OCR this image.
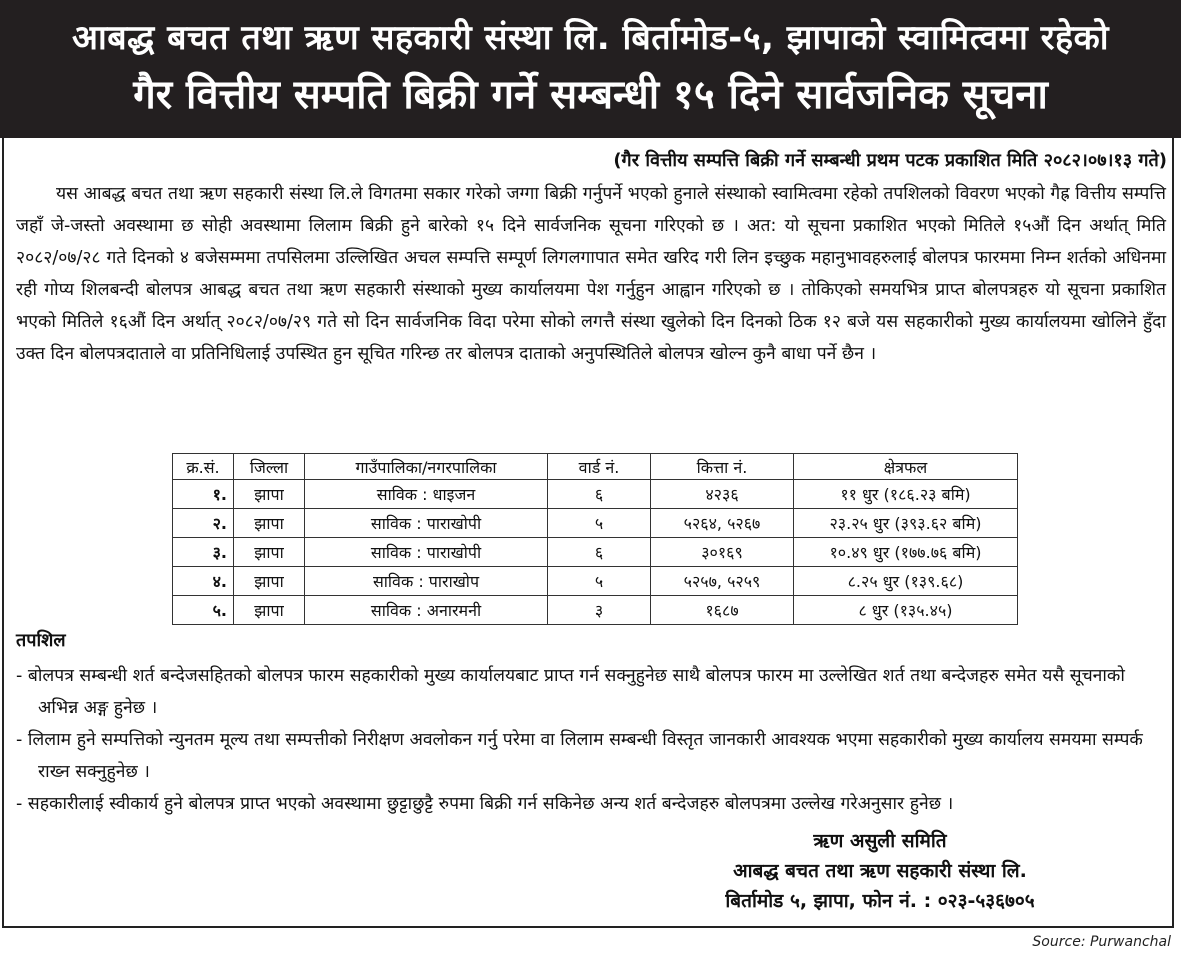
आबद्ध बचत तथा ऋण सहकारी संस्था लि. बिर्तामोड-५, झापाको स्वामित्वमा रहेको
गैर वित्तीय सम्पति बिक्री गर्ने सम्बन्धी १५ दिने सार्वजनिक सूचना
(गैर वित्तीय सम्पत्ति बिक्री गर्ने सम्बन्धी प्रथम पटक प्रकाशित मिति २०८२।०७।१३ गते)
यस आबद्ध बचत तथा ऋण सहकारी संस्था लि.ले विगतमा सकार गरेको जग्गा बिक्री गर्नुपर्ने भएको हुनाले संस्थाको स्वामित्वमा रहेको तपशिलको विवरण भएको गैह्र वित्तीय सम्पत्ति जहाँ जे-जस्तो अवस्थामा छ सोही अवस्थामा लिलाम बिक्री हुने बारेको १५ दिने सार्वजनिक सूचना गरिएको छ । अत: यो सूचना प्रकाशित भएको मितिले १५औं दिन अर्थात् मिति २०८२/०७/२८ गते दिनको ४ बजेसम्ममा तपसिलमा उल्लिखित अचल सम्पत्ति सम्पूर्ण लिगलगापात समेत खरिद गरी लिन इच्छुक महानुभावहरुलाई बोलपत्र फारममा निम्न शर्तको अधिनमा रही गोप्य शिलबन्दी बोलपत्र आबद्ध बचत तथा ऋण सहकारी संस्थाको मुख्य कार्यालयमा पेश गर्नुहुन आह्वान गरिएको छ । तोकिएको समयभित्र प्राप्त बोलपत्रहरु यो सूचना प्रकाशित भएको मितिले १६औं दिन अर्थात् २०८२/०७/२९ गते सो दिन सार्वजनिक विदा परेमा सोको लगत्तै संस्था खुलेको दिन दिनको ठिक १२ बजे यस सहकारीको मुख्य कार्यालयमा खोलिने हुँदा उक्त दिन बोलपत्रदाताले वा प्रतिनिधिलाई उपस्थित हुन सूचित गरिन्छ तर बोलपत्र दाताको अनुपस्थितिले बोलपत्र खोल्न कुनै बाधा पर्ने छैन ।
क्र.सं.	जिल्ला	गाउँपालिका/नगरपालिका	वार्ड नं.	कित्ता नं.	क्षेत्रफल
१.	झापा	साविक : धाइजन	६	४२३६	११ धुर (१८६.२३ बमि)
२.	झापा	साविक : पाराखोपी	५	५२६४, ५२६७	२३.२५ धुर (३९३.६२ बमि)
३.	झापा	साविक : पाराखोपी	६	३०१६९	१०.४९ धुर (१७७.७६ बमि)
४.	झापा	साविक : पाराखोप	५	५२५७, ५२५९	८.२५ धुर (१३९.६८)
५.	झापा	साविक : अनारमनी	३	१६८७	८ धुर (१३५.४५)
तपशिल
- बोलपत्र सम्बन्धी शर्त बन्देजसहितको बोलपत्र फारम सहकारीको मुख्य कार्यालयबाट प्राप्त गर्न सक्नुहुनेछ साथै बोलपत्र फारम मा उल्लेखित शर्त तथा बन्देजहरु समेत यसै सूचनाको अभिन्न अङ्ग हुनेछ ।
- लिलाम हुने सम्पत्तिको न्युनतम मूल्य तथा सम्पत्तीको निरीक्षण अवलोकन गर्नु परेमा वा लिलाम सम्बन्धी विस्तृत जानकारी आवश्यक भएमा सहकारीको मुख्य कार्यालय समयमा सम्पर्क राख्न सक्नुहुनेछ ।
- सहकारीलाई स्वीकार्य हुने बोलपत्र प्राप्त भएको अवस्थामा छुट्टाछुट्टै रुपमा बिक्री गर्न सकिनेछ अन्य शर्त बन्देजहरु बोलपत्रमा उल्लेख गरेअनुसार हुनेछ ।
ऋण असुली समिति
आबद्ध बचत तथा ऋण सहकारी संस्था लि.
बिर्तामोड ५, झापा, फोन नं. : ०२३-५३६७०५
Source: Purwanchal
